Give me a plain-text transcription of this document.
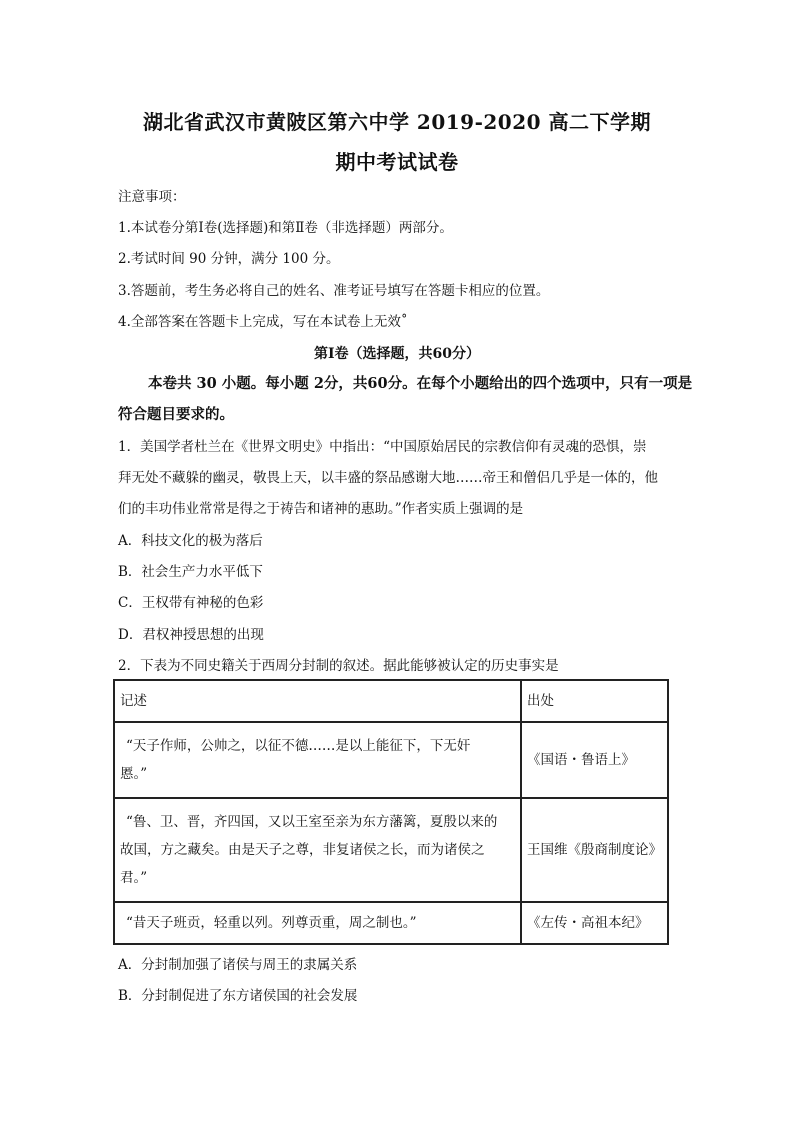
湖北省武汉市黄陂区第六中学 2019-2020 高二下学期
期中考试试卷
注意事项：
1.本试卷分第Ⅰ卷(选择题)和第Ⅱ卷（非选择题）两部分。
2.考试时间 90 分钟，满分 100 分。
3.答题前，考生务必将自己的姓名、准考证号填写在答题卡相应的位置。
4.全部答案在答题卡上完成，写在本试卷上无效˚
第Ⅰ卷（选择题，共60分）
本卷共 30 小题。每小题 2分，共60分。在每个小题给出的四个选项中，只有一项是
符合题目要求的。
1．美国学者杜兰在《世界文明史》中指出：“中国原始居民的宗教信仰有灵魂的恐惧，崇
拜无处不藏躲的幽灵，敬畏上天，以丰盛的祭品感谢大地……帝王和僧侣几乎是一体的，他
们的丰功伟业常常是得之于祷告和诸神的惠助。”作者实质上强调的是
A．科技文化的极为落后
B．社会生产力水平低下
C．王权带有神秘的色彩
D．君权神授思想的出现
2．下表为不同史籍关于西周分封制的叙述。据此能够被认定的历史事实是
记述	出处

“天子作师，公帅之，以征不德……是以上能征下，下无奸
慝。”	《国语・鲁语上》

“鲁、卫、晋，齐四国，又以王室至亲为东方藩篱，夏殷以来的
故国，方之藏矣。由是天子之尊，非复诸侯之长，而为诸侯之
君。”	王国维《殷商制度论》

“昔天子班贡，轻重以列。列尊贡重，周之制也。”	《左传・高祖本纪》
A．分封制加强了诸侯与周王的隶属关系
B．分封制促进了东方诸侯国的社会发展
